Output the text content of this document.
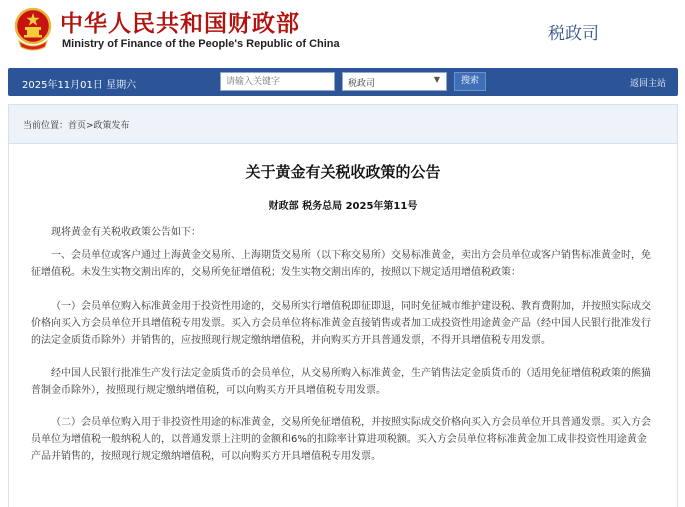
中华人民共和国财政部
Ministry of Finance of the People's Republic of China	税政司
2025年11月01日 星期六
请输入关键字	税政司	▼	搜索	返回主站
当前位置：首页>政策发布
关于黄金有关税收政策的公告
财政部 税务总局 2025年第11号

现将黄金有关税收政策公告如下：

一、会员单位或客户通过上海黄金交易所、上海期货交易所（以下称交易所）交易标准黄金，卖出方会员单位或客户销售标准黄金时，免征增值税。未发生实物交割出库的，交易所免征增值税；发生实物交割出库的，按照以下规定适用增值税政策：

（一）会员单位购入标准黄金用于投资性用途的，交易所实行增值税即征即退，同时免征城市维护建设税、教育费附加，并按照实际成交价格向买入方会员单位开具增值税专用发票。买入方会员单位将标准黄金直接销售或者加工成投资性用途黄金产品（经中国人民银行批准发行的法定金质货币除外）并销售的，应按照现行规定缴纳增值税，并向购买方开具普通发票，不得开具增值税专用发票。

经中国人民银行批准生产发行法定金质货币的会员单位，从交易所购入标准黄金，生产销售法定金质货币的（适用免征增值税政策的熊猫普制金币除外），按照现行规定缴纳增值税，可以向购买方开具增值税专用发票。

（二）会员单位购入用于非投资性用途的标准黄金，交易所免征增值税，并按照实际成交价格向买入方会员单位开具普通发票。买入方会员单位为增值税一般纳税人的，以普通发票上注明的金额和6%的扣除率计算进项税额。买入方会员单位将标准黄金加工成非投资性用途黄金产品并销售的，按照现行规定缴纳增值税，可以向购买方开具增值税专用发票。
